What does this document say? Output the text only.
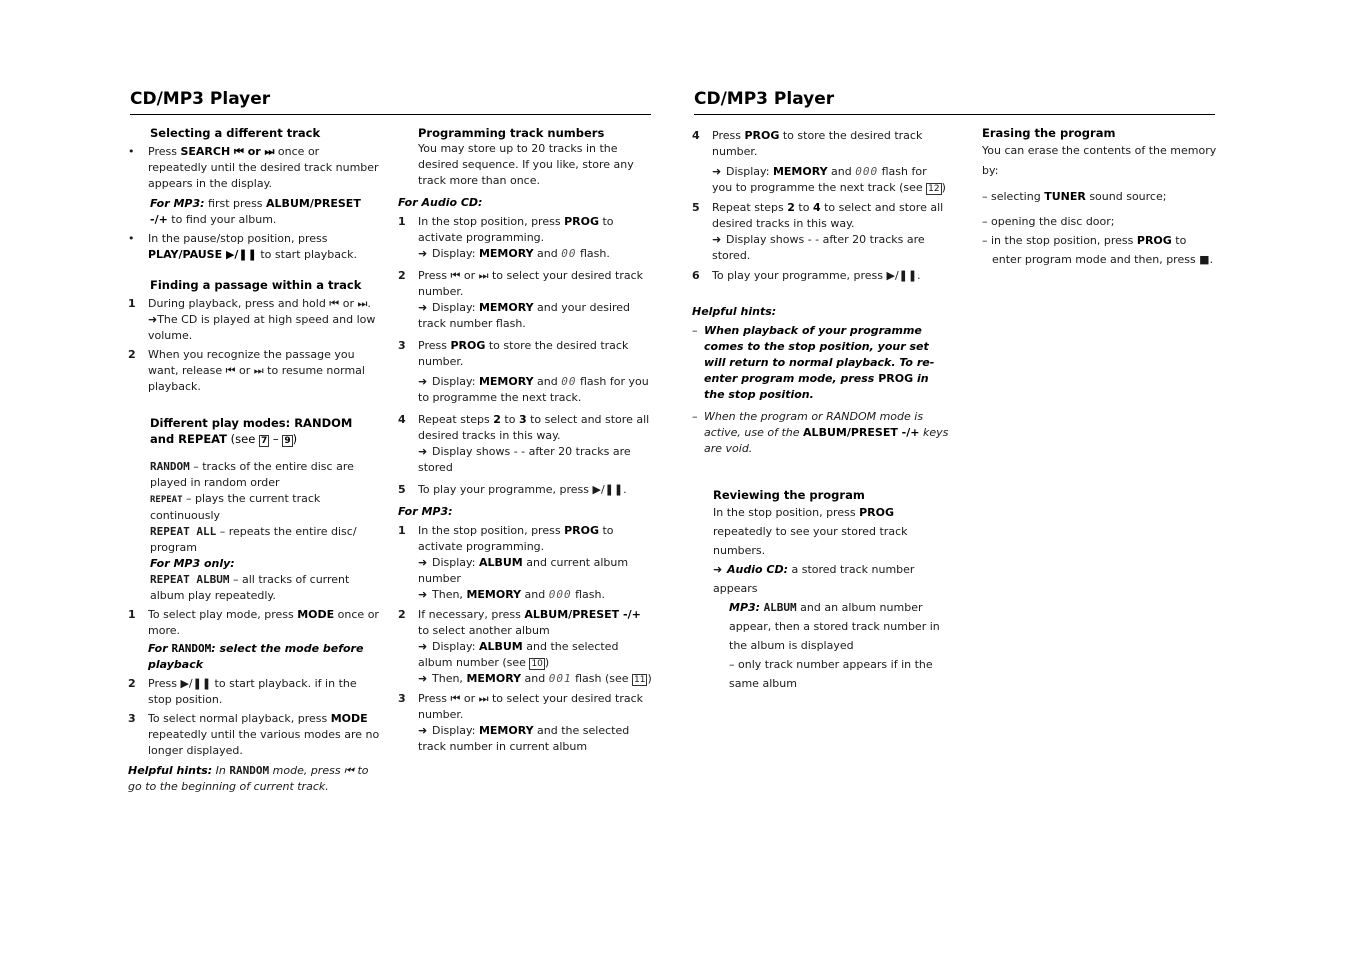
CD/MP3 Player	CD/MP3 Player

Selecting a different track

• Press SEARCH ⏮ or ⏭ once or repeatedly until the desired track number appears in the display.

For MP3: first press ALBUM/PRESET -/+ to find your album.

• In the pause/stop position, press PLAY/PAUSE ▶/❚❚ to start playback.

Finding a passage within a track

1 During playback, press and hold ⏮ or ⏭.

➜The CD is played at high speed and low volume.

2 When you recognize the passage you want, release ⏮ or ⏭ to resume normal playback.

Different play modes: RANDOM and REPEAT (see 7 – 9 )

RANDOM – tracks of the entire disc are played in random order

REPEAT – plays the current track continuously

REPEAT ALL – repeats the entire disc/ program

For MP3 only:

REPEAT ALBUM – all tracks of current album play repeatedly.

1 To select play mode, press MODE once or more.

For RANDOM: select the mode before playback

2 Press ▶/❚❚ to start playback. if in the stop position.
3 To select normal playback, press MODE repeatedly until the various modes are no longer displayed.

Helpful hints: In RANDOM mode, press ⏮ to go to the beginning of current track.

Programming track numbers

You may store up to 20 tracks in the desired sequence. If you like, store any track more than once.

For Audio CD:

1 In the stop position, press PROG to activate programming.

➜ Display: MEMORY and 00 flash.

2 Press ⏮ or ⏭ to select your desired track number.

➜ Display: MEMORY and your desired track number flash.

3 Press PROG to store the desired track number.

➜ Display: MEMORY and 00 flash for you to programme the next track.

4 Repeat steps 2 to 3 to select and store all desired tracks in this way.

➜ Display shows - - after 20 tracks are stored

5 To play your programme, press ▶/❚❚.

For MP3:

1 In the stop position, press PROG to activate programming.

➜ Display: ALBUM and current album number

➜ Then, MEMORY and 000 flash.

2 If necessary, press ALBUM/PRESET -/+ to select another album

➜ Display: ALBUM and the selected album number (see 10 )

➜ Then, MEMORY and 001 flash (see 11 )

3 Press ⏮ or ⏭ to select your desired track number.

➜ Display: MEMORY and the selected track number in current album

4 Press PROG to store the desired track number.

➜ Display: MEMORY and 000 flash for you to programme the next track (see 12 )

5 Repeat steps 2 to 4 to select and store all desired tracks in this way.

➜ Display shows - - after 20 tracks are stored.

6 To play your programme, press ▶/❚❚.

Helpful hints:

– When playback of your programme comes to the stop position, your set will return to normal playback. To re-enter program mode, press PROG in the stop position.
– When the program or RANDOM mode is active, use of the ALBUM/PRESET -/+ keys are void.

Reviewing the program

In the stop position, press PROG repeatedly to see your stored track numbers.

➜ Audio CD: a stored track number appears

MP3: ALBUM and an album number appear, then a stored track number in the album is displayed

– only track number appears if in the same album

Erasing the program

You can erase the contents of the memory by:

– selecting TUNER sound source;

– opening the disc door;

– in the stop position, press PROG to enter program mode and then, press ■.
